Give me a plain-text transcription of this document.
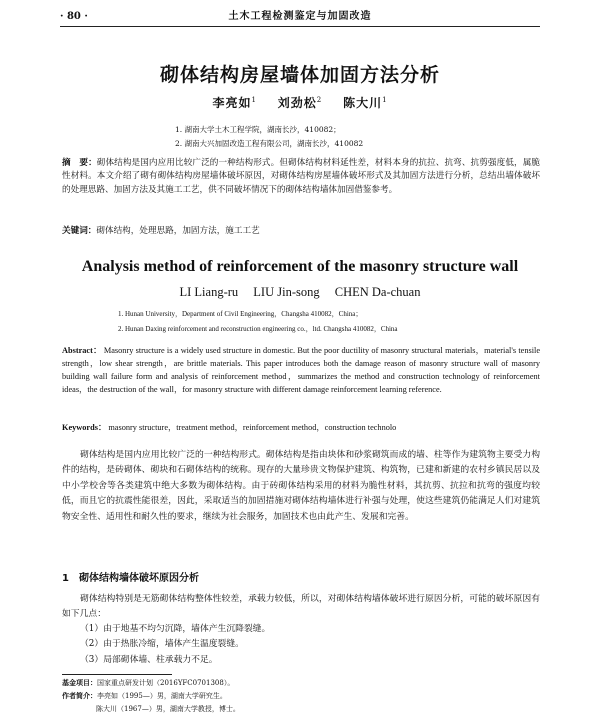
· 80 ·	土木工程检测鉴定与加固改造
砌体结构房屋墙体加固方法分析
李亮如$^1$ 刘劲松$^2$ 陈大川$^1$
1. 湖南大学土木工程学院，湖南长沙，410082；
2. 湖南大兴加固改造工程有限公司，湖南长沙，410082
摘　要：砌体结构是国内应用比较广泛的一种结构形式。但砌体结构材料延性差，材料本身的抗拉、抗弯、抗剪强度低，属脆性材料。本文介绍了砌有砌体结构房屋墙体破坏原因，对砌体结构房屋墙体破坏形式及其加固方法进行分析，总结出墙体破坏的处理思路、加固方法及其施工工艺，供不同破坏情况下的砌体结构墙体加固借鉴参考。
关键词：砌体结构，处理思路，加固方法，施工工艺
Analysis method of reinforcement of the masonry structure wall
LI Liang-ru LIU Jin-song CHEN Da-chuan
1. Hunan University，Department of Civil Engineering，Changsha 410082，China；
2. Hunan Daxing reinforcement and reconstruction engineering co.，ltd. Changsha 410082，China
Abstract： Masonry structure is a widely used structure in domestic. But the poor ductility of masonry structural materials，material's tensile strength，low shear strength，are brittle materials. This paper introduces both the damage reason of masonry structure wall of masonry building wall failure form and analysis of reinforcement method，summarizes the method and construction technology of reinforcement ideas，the destruction of the wall，for masonry structure with different damage reinforcement learning reference.
Keywords： masonry structure，treatment method，reinforcement method，construction technolo
砌体结构是国内应用比较广泛的一种结构形式。砌体结构是指由块体和砂浆砌筑而成的墙、柱等作为建筑物主要受力构件的结构，是砖砌体、砌块和石砌体结构的统称。现存的大量珍贵文物保护建筑、构筑物，已建和新建的农村乡镇民居以及中小学校舍等各类建筑中绝大多数为砌体结构。由于砖砌体结构采用的材料为脆性材料，其抗剪、抗拉和抗弯的强度均较低，而且它的抗震性能很差，因此，采取适当的加固措施对砌体结构墙体进行补强与处理，使这些建筑仍能满足人们对建筑物安全性、适用性和耐久性的要求，继续为社会服务，加固技术也由此产生、发展和完善。
1 砌体结构墙体破坏原因分析
砌体结构特别是无筋砌体结构整体性较差，承载力较低，所以，对砌体结构墙体破坏进行原因分析，可能的破坏原因有如下几点：
（1）由于地基不均匀沉降，墙体产生沉降裂缝。
（2）由于热胀冷缩，墙体产生温度裂缝。
（3）局部砌体墙、柱承载力不足。
基金项目：国家重点研发计划（2016YFC0701308）。
作者简介：李亮如（1995—）男，湖南大学研究生。
陈大川（1967—）男，湖南大学教授，博士。
